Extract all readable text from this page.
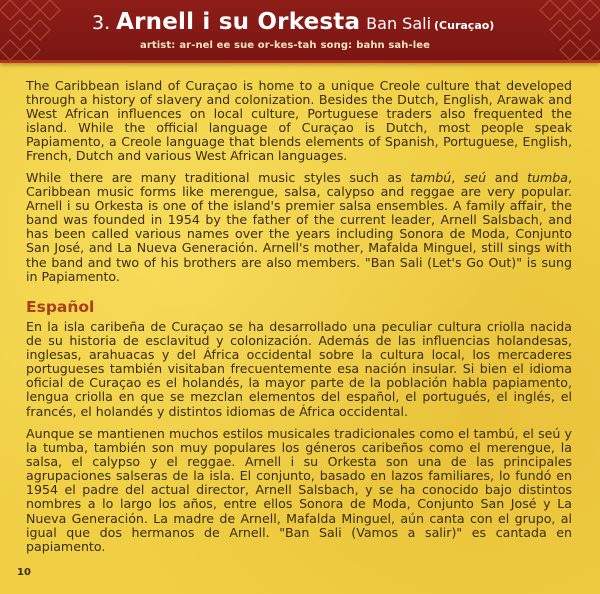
3. Arnell i su Orkesta Ban Sali (Curaçao)
artist: ar-nel ee sue or-kes-tah song: bahn sah-lee

The Caribbean island of Curaçao is home to a unique Creole culture that developed through a history of slavery and colonization. Besides the Dutch, English, Arawak and West African influences on local culture, Portuguese traders also frequented the island. While the official language of Curaçao is Dutch, most people speak Papiamento, a Creole language that blends elements of Spanish, Portuguese, English, French, Dutch and various West African languages.

While there are many traditional music styles such as tambú, seú and tumba, Caribbean music forms like merengue, salsa, calypso and reggae are very popular. Arnell i su Orkesta is one of the island's premier salsa ensembles. A family affair, the band was founded in 1954 by the father of the current leader, Arnell Salsbach, and has been called various names over the years including Sonora de Moda, Conjunto San José, and La Nueva Generación. Arnell's mother, Mafalda Minguel, still sings with the band and two of his brothers are also members. "Ban Sali (Let's Go Out)" is sung in Papiamento.

Español

En la isla caribeña de Curaçao se ha desarrollado una peculiar cultura criolla nacida de su historia de esclavitud y colonización. Además de las influencias holandesas, inglesas, arahuacas y del África occidental sobre la cultura local, los mercaderes portugueses también visitaban frecuentemente esa nación insular. Si bien el idioma oficial de Curaçao es el holandés, la mayor parte de la población habla papiamento, lengua criolla en que se mezclan elementos del español, el portugués, el inglés, el francés, el holandés y distintos idiomas de África occidental.

Aunque se mantienen muchos estilos musicales tradicionales como el tambú, el seú y la tumba, también son muy populares los géneros caribeños como el merengue, la salsa, el calypso y el reggae. Arnell i su Orkesta son una de las principales agrupaciones salseras de la isla. El conjunto, basado en lazos familiares, lo fundó en 1954 el padre del actual director, Arnell Salsbach, y se ha conocido bajo distintos nombres a lo largo los años, entre ellos Sonora de Moda, Conjunto San José y La Nueva Generación. La madre de Arnell, Mafalda Minguel, aún canta con el grupo, al igual que dos hermanos de Arnell. "Ban Sali (Vamos a salir)" es cantada en papiamento.

10
